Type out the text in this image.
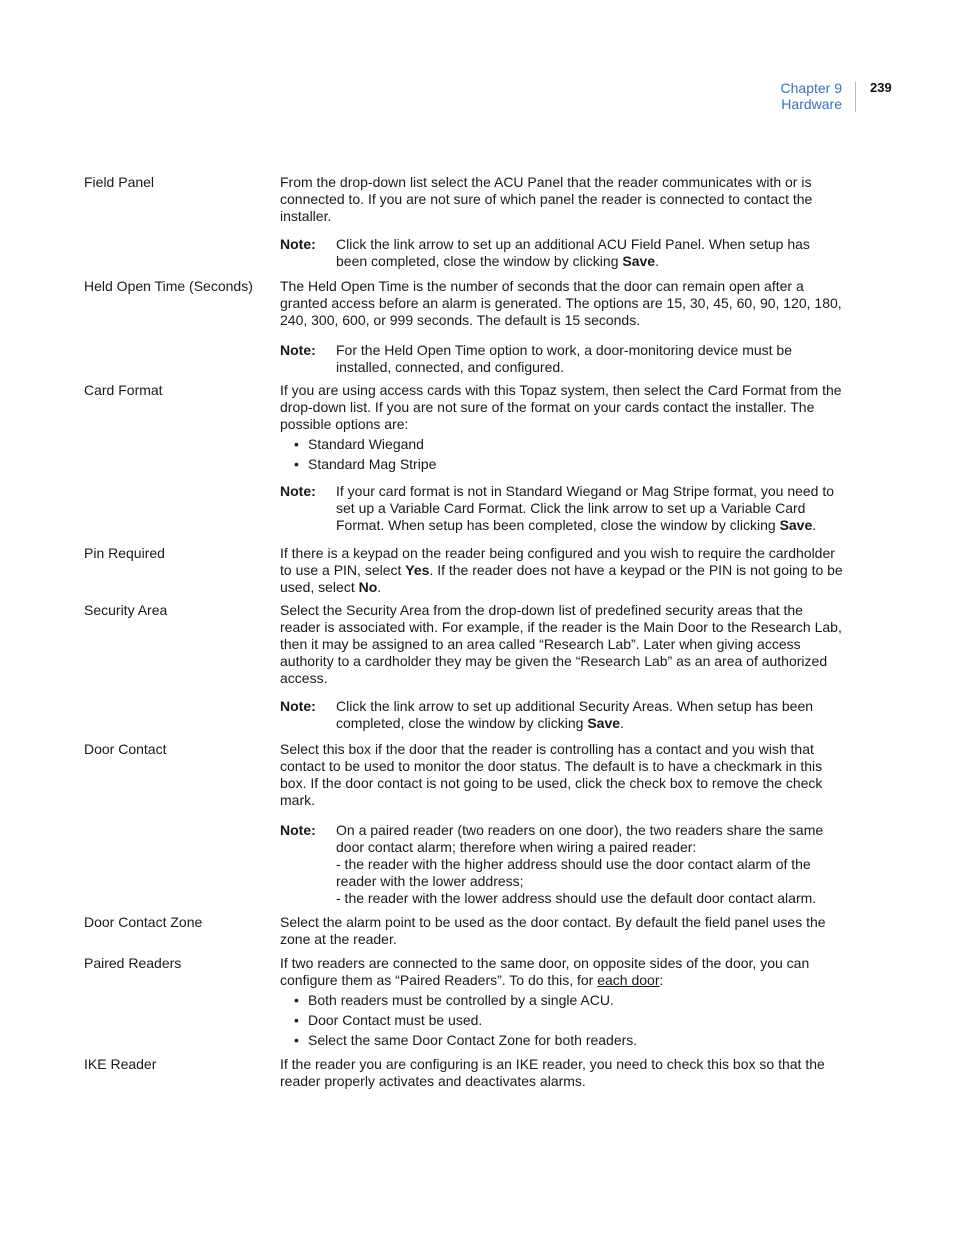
Chapter 9
Hardware
239
Field Panel	From the drop-down list select the ACU Panel that the reader communicates with or is connected to. If you are not sure of which panel the reader is connected to contact the installer.

Note:	Click the link arrow to set up an additional ACU Field Panel. When setup has been completed, close the window by clicking Save.
Held Open Time (Seconds)	The Held Open Time is the number of seconds that the door can remain open after a granted access before an alarm is generated. The options are 15, 30, 45, 60, 90, 120, 180, 240, 300, 600, or 999 seconds. The default is 15 seconds.

Note:	For the Held Open Time option to work, a door-monitoring device must be installed, connected, and configured.
Card Format	If you are using access cards with this Topaz system, then select the Card Format from the drop-down list. If you are not sure of the format on your cards contact the installer. The possible options are:

• Standard Wiegand
• Standard Mag Stripe
Note:	If your card format is not in Standard Wiegand or Mag Stripe format, you need to set up a Variable Card Format. Click the link arrow to set up a Variable Card Format. When setup has been completed, close the window by clicking Save.
Pin Required	If there is a keypad on the reader being configured and you wish to require the cardholder to use a PIN, select Yes. If the reader does not have a keypad or the PIN is not going to be used, select No.

Security Area	Select the Security Area from the drop-down list of predefined security areas that the reader is associated with. For example, if the reader is the Main Door to the Research Lab, then it may be assigned to an area called “Research Lab”. Later when giving access authority to a cardholder they may be given the “Research Lab” as an area of authorized access.

Note:	Click the link arrow to set up additional Security Areas. When setup has been completed, close the window by clicking Save.
Door Contact	Select this box if the door that the reader is controlling has a contact and you wish that contact to be used to monitor the door status. The default is to have a checkmark in this box. If the door contact is not going to be used, click the check box to remove the check mark.

Note:	On a paired reader (two readers on one door), the two readers share the same door contact alarm; therefore when wiring a paired reader:
- the reader with the higher address should use the door contact alarm of the reader with the lower address;
- the reader with the lower address should use the default door contact alarm.
Door Contact Zone	Select the alarm point to be used as the door contact. By default the field panel uses the zone at the reader.

Paired Readers	If two readers are connected to the same door, on opposite sides of the door, you can configure them as “Paired Readers”. To do this, for each door:

• Both readers must be controlled by a single ACU.
• Door Contact must be used.
• Select the same Door Contact Zone for both readers.
IKE Reader	If the reader you are configuring is an IKE reader, you need to check this box so that the reader properly activates and deactivates alarms.
